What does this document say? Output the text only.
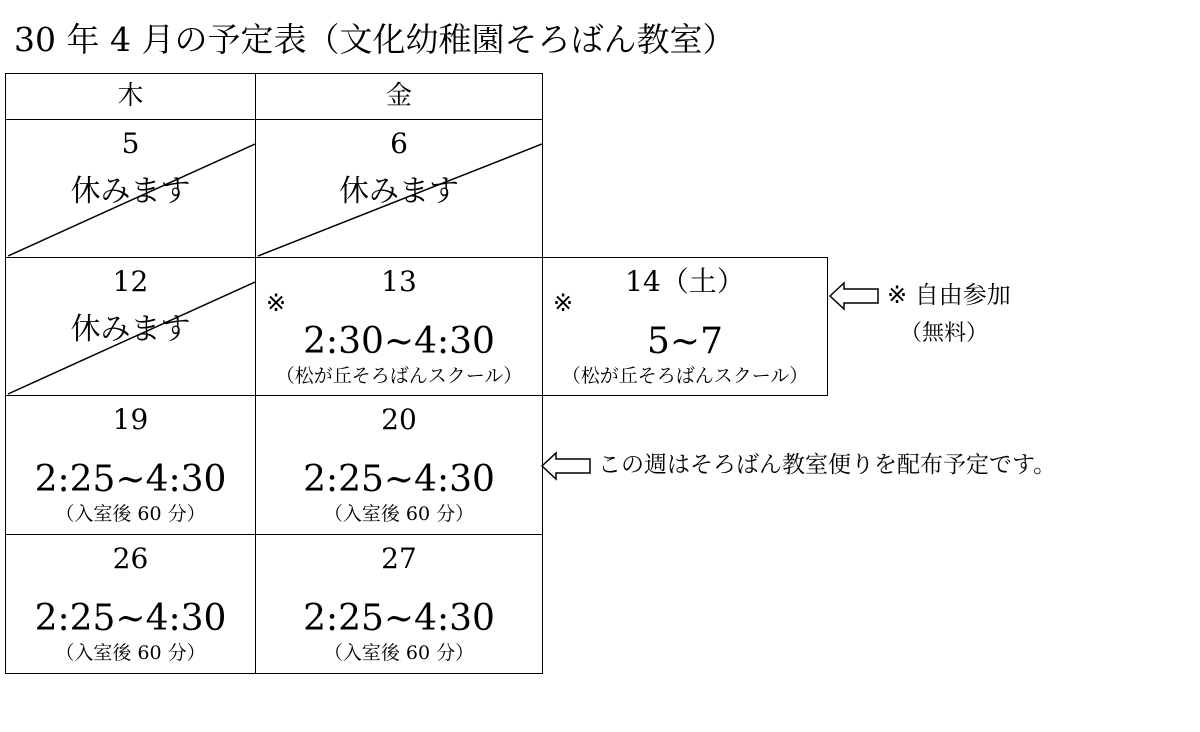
30 年 4 月の予定表（文化幼稚園そろばん教室）
木	金
5
休みます
6
休みます
12
休みます
13
※
2:30~4:30
（松が丘そろばんスクール）
14（土）
※
5~7
（松が丘そろばんスクール）
19
2:25~4:30
（入室後 60 分）
20
2:25~4:30
（入室後 60 分）
26
2:25~4:30
（入室後 60 分）
27
2:25~4:30
（入室後 60 分）
※ 自由参加
（無料）
この週はそろばん教室便りを配布予定です。
